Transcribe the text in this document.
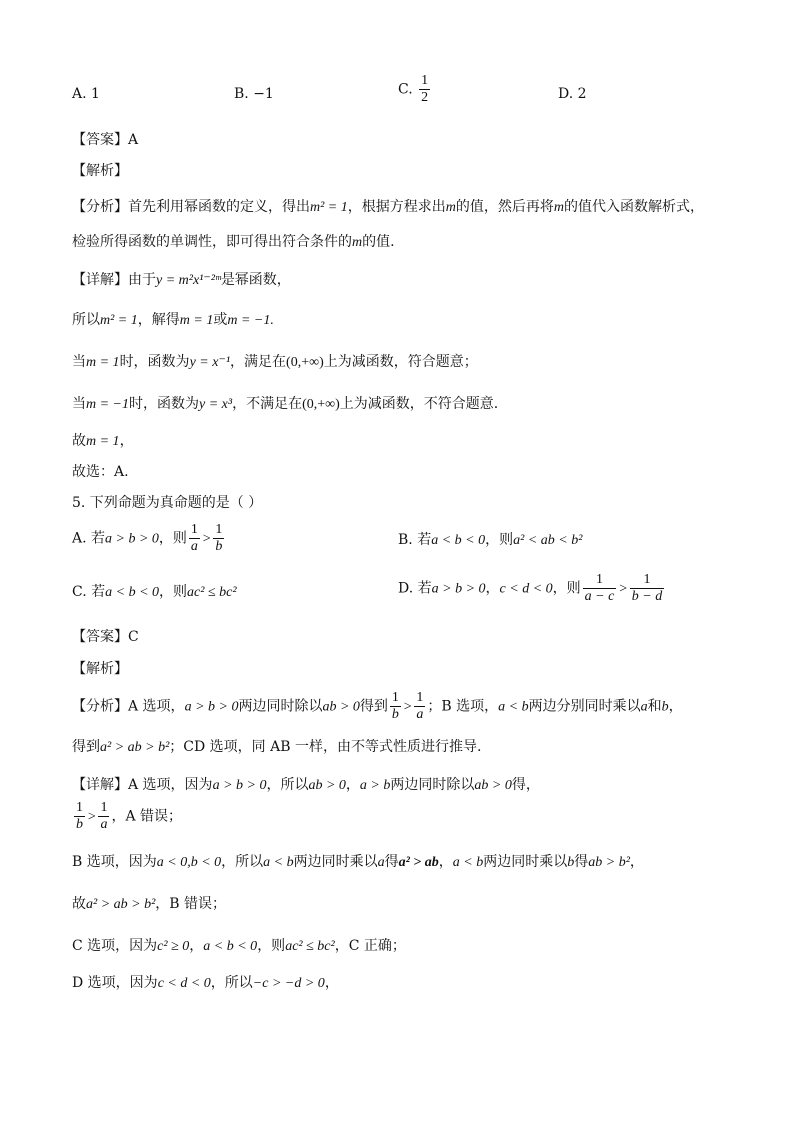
A. 1	B. −1	C. $\frac{1}{2}$	D. 2
【答案】A
【解析】
【分析】首先利用幂函数的定义，得出m² = 1，根据方程求出m的值，然后再将m的值代入函数解析式，
检验所得函数的单调性，即可得出符合条件的m的值.
【详解】由于y = m²x¹⁻²ᵐ是幂函数，
所以m² = 1，解得m = 1或m = −1.
当m = 1时，函数为y = x⁻¹，满足在(0,+∞)上为减函数，符合题意；
当m = −1时，函数为y = x³，不满足在(0,+∞)上为减函数，不符合题意.
故m = 1，
故选：A.
5. 下列命题为真命题的是（ ）
A. 若a > b > 0，则 $\frac{1}{a} > \frac{1}{b}$	B. 若a < b < 0，则a² < ab < b²
C. 若a < b < 0，则ac² ≤ bc²	D. 若a > b > 0，c < d < 0，则 $\frac{1}{a - c} > \frac{1}{b - d}$
【答案】C
【解析】
【分析】A 选项，a > b > 0两边同时除以ab > 0得到 $\frac{1}{b} > \frac{1}{a}$ ；B 选项，a < b两边分别同时乘以a和b，
得到a² > ab > b²；CD 选项，同 AB 一样，由不等式性质进行推导.
【详解】A 选项，因为a > b > 0，所以ab > 0，a > b两边同时除以ab > 0得，
$\frac{1}{b} > \frac{1}{a}$ ，A 错误；
B 选项，因为a < 0,b < 0，所以a < b两边同时乘以a得a² > ab，a < b两边同时乘以b得ab > b²，
故a² > ab > b²，B 错误；
C 选项，因为c² ≥ 0，a < b < 0，则ac² ≤ bc²，C 正确；
D 选项，因为c < d < 0，所以−c > −d > 0，
